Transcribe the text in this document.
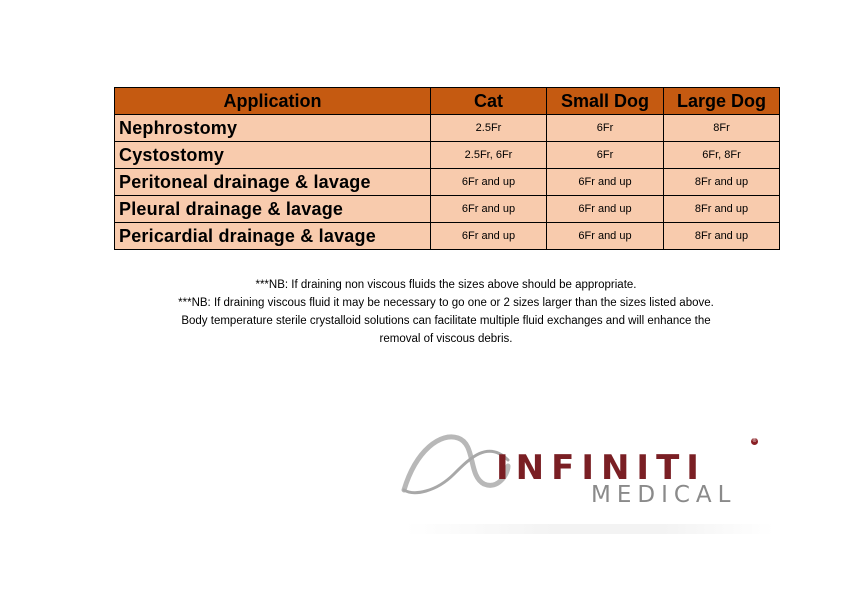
Application	Cat	Small Dog	Large Dog
Nephrostomy	2.5Fr	6Fr	8Fr
Cystostomy	2.5Fr, 6Fr	6Fr	6Fr, 8Fr
Peritoneal drainage & lavage	6Fr and up	6Fr and up	8Fr and up
Pleural drainage & lavage	6Fr and up	6Fr and up	8Fr and up
Pericardial drainage & lavage	6Fr and up	6Fr and up	8Fr and up
***NB: If draining non viscous fluids the sizes above should be appropriate.
***NB: If draining viscous fluid it may be necessary to go one or 2 sizes larger than the sizes listed above.
Body temperature sterile crystalloid solutions can facilitate multiple fluid exchanges and will enhance the
removal of viscous debris.
INFINITI
MEDICAL
®
